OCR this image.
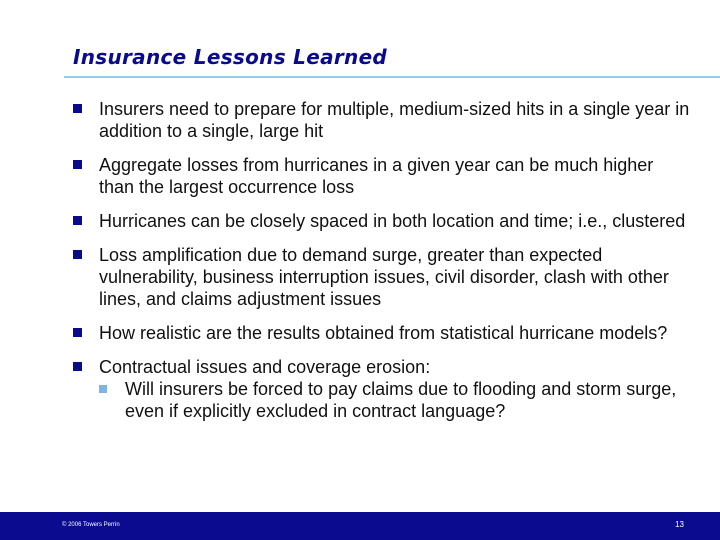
Insurance Lessons Learned
Insurers need to prepare for multiple, medium-sized hits in a single year in addition to a single, large hit
Aggregate losses from hurricanes in a given year can be much higher than the largest occurrence loss
Hurricanes can be closely spaced in both location and time; i.e., clustered
Loss amplification due to demand surge, greater than expected vulnerability, business interruption issues, civil disorder, clash with other lines, and claims adjustment issues
How realistic are the results obtained from statistical hurricane models?
Contractual issues and coverage erosion:
Will insurers be forced to pay claims due to flooding and storm surge, even if explicitly excluded in contract language?
© 2006 Towers Perrin	13
